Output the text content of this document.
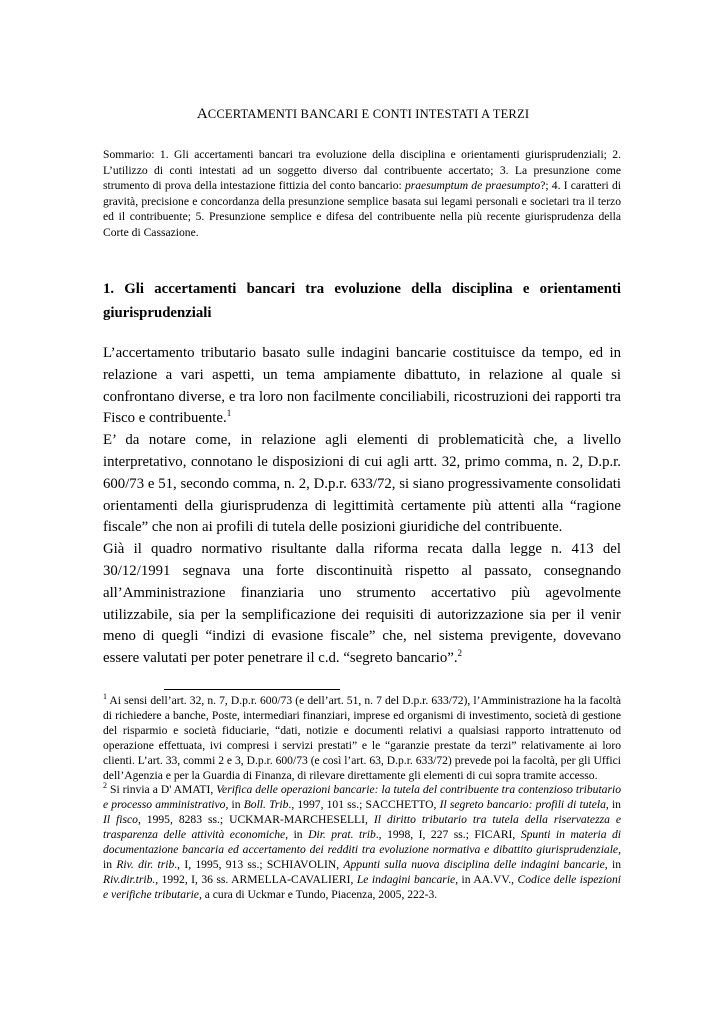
ACCERTAMENTI BANCARI E CONTI INTESTATI A TERZI
Sommario: 1. Gli accertamenti bancari tra evoluzione della disciplina e orientamenti giurisprudenziali; 2. L’utilizzo di conti intestati ad un soggetto diverso dal contribuente accertato; 3. La presunzione come strumento di prova della intestazione fittizia del conto bancario: praesumptum de praesumpto?; 4. I caratteri di gravità, precisione e concordanza della presunzione semplice basata sui legami personali e societari tra il terzo ed il contribuente; 5. Presunzione semplice e difesa del contribuente nella più recente giurisprudenza della Corte di Cassazione.
1. Gli accertamenti bancari tra evoluzione della disciplina e orientamenti giurisprudenziali

L’accertamento tributario basato sulle indagini bancarie costituisce da tempo, ed in relazione a vari aspetti, un tema ampiamente dibattuto, in relazione al quale si confrontano diverse, e tra loro non facilmente conciliabili, ricostruzioni dei rapporti tra Fisco e contribuente.$^1$

E’ da notare come, in relazione agli elementi di problematicità che, a livello interpretativo, connotano le disposizioni di cui agli artt. 32, primo comma, n. 2, D.p.r. 600/73 e 51, secondo comma, n. 2, D.p.r. 633/72, si siano progressivamente consolidati orientamenti della giurisprudenza di legittimità certamente più attenti alla “ragione fiscale” che non ai profili di tutela delle posizioni giuridiche del contribuente.

Già il quadro normativo risultante dalla riforma recata dalla legge n. 413 del 30/12/1991 segnava una forte discontinuità rispetto al passato, consegnando all’Amministrazione finanziaria uno strumento accertativo più agevolmente utilizzabile, sia per la semplificazione dei requisiti di autorizzazione sia per il venir meno di quegli “indizi di evasione fiscale” che, nel sistema previgente, dovevano essere valutati per poter penetrare il c.d. “segreto bancario”.$^2$

$^1$ Ai sensi dell’art. 32, n. 7, D.p.r. 600/73 (e dell’art. 51, n. 7 del D.p.r. 633/72), l’Amministrazione ha la facoltà di richiedere a banche, Poste, intermediari finanziari, imprese ed organismi di investimento, società di gestione del risparmio e società fiduciarie, “dati, notizie e documenti relativi a qualsiasi rapporto intrattenuto od operazione effettuata, ivi compresi i servizi prestati” e le “garanzie prestate da terzi” relativamente ai loro clienti. L’art. 33, commi 2 e 3, D.p.r. 600/73 (e così l’art. 63, D.p.r. 633/72) prevede poi la facoltà, per gli Uffici dell’Agenzia e per la Guardia di Finanza, di rilevare direttamente gli elementi di cui sopra tramite accesso.

$^2$ Si rinvia a D' AMATI, Verifica delle operazioni bancarie: la tutela del contribuente tra contenzioso tributario e processo amministrativo, in Boll. Trib., 1997, 101 ss.; SACCHETTO, Il segreto bancario: profili di tutela, in Il fisco, 1995, 8283 ss.; UCKMAR-MARCHESELLI, Il diritto tributario tra tutela della riservatezza e trasparenza delle attività economiche, in Dir. prat. trib., 1998, I, 227 ss.; FICARI, Spunti in materia di documentazione bancaria ed accertamento dei redditi tra evoluzione normativa e dibattito giurisprudenziale, in Riv. dir. trib., I, 1995, 913 ss.; SCHIAVOLIN, Appunti sulla nuova disciplina delle indagini bancarie, in Riv.dir.trib., 1992, I, 36 ss. ARMELLA-CAVALIERI, Le indagini bancarie, in AA.VV., Codice delle ispezioni e verifiche tributarie, a cura di Uckmar e Tundo, Piacenza, 2005, 222-3.
